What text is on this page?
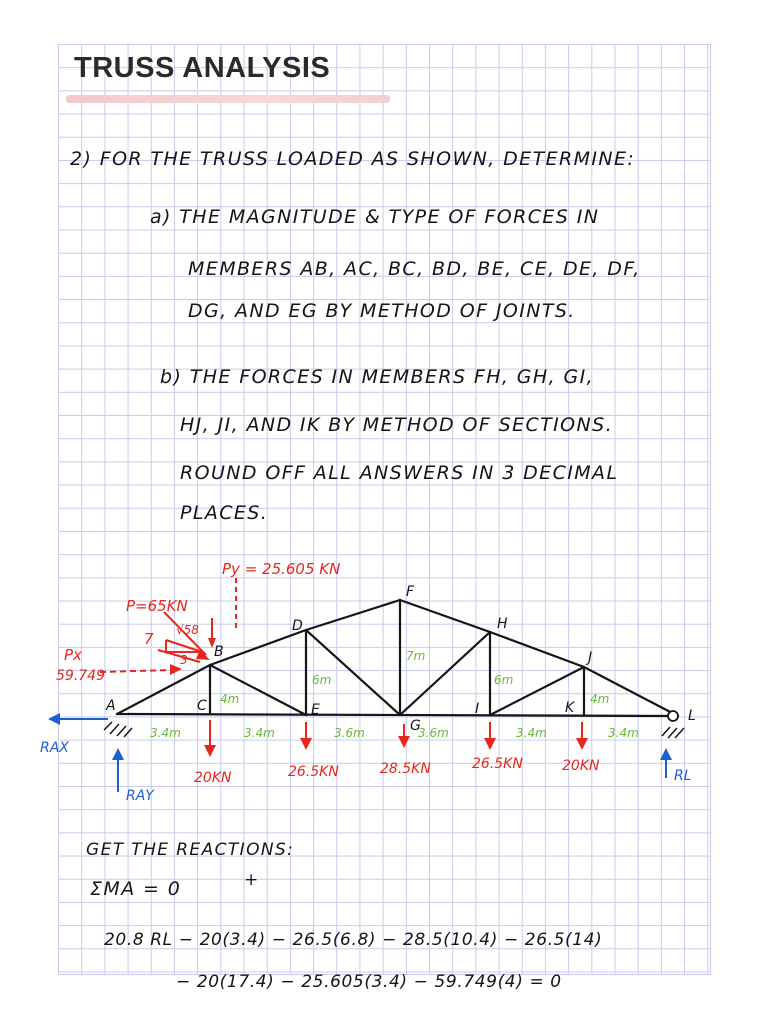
TRUSS ANALYSIS

2) FOR THE TRUSS LOADED AS SHOWN, DETERMINE:

a) THE MAGNITUDE & TYPE OF FORCES IN

MEMBERS AB, AC, BC, BD, BE, CE, DE, DF,

DG, AND EG BY METHOD OF JOINTS.

b) THE FORCES IN MEMBERS FH, GH, GI,

HJ, JI, AND IK BY METHOD OF SECTIONS.

ROUND OFF ALL ANSWERS IN 3 DECIMAL

PLACES.

A
B
C
D
E
F
G
H
I
J
K	L
3.4m	3.4m	3.6m	3.6m	3.4m	3.4m
4m
6m
7m
6m
4m
20KN	26.5KN	28.5KN	26.5KN	20KN
Py = 25.605 KN
P=65KN
√58
7
3
Px
59.749
RAX
RAY
RL

GET THE REACTIONS:

ΣMA = 0	+

20.8 RL − 20(3.4) − 26.5(6.8) − 28.5(10.4) − 26.5(14)

− 20(17.4) − 25.605(3.4) − 59.749(4) = 0
